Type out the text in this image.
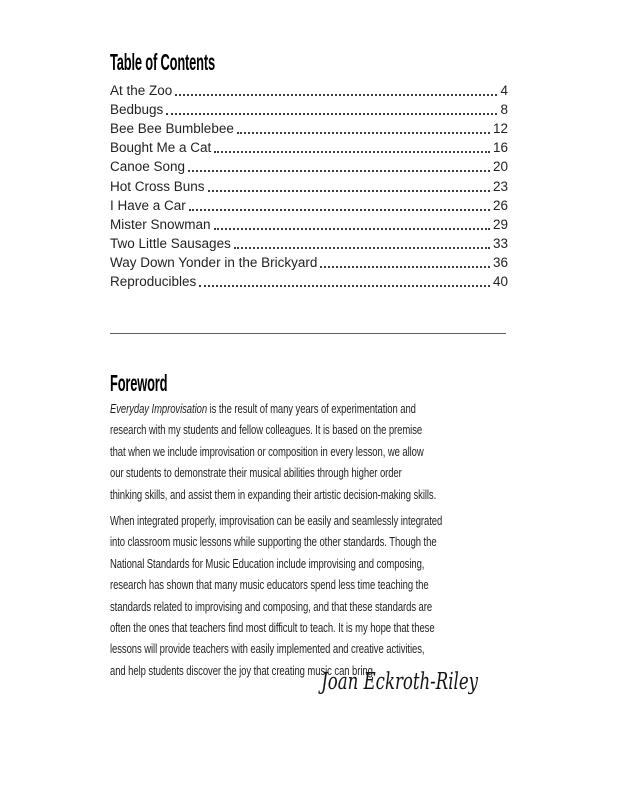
Table of Contents
At the Zoo	4
Bedbugs	8
Bee Bee Bumblebee	12
Bought Me a Cat	16
Canoe Song	20
Hot Cross Buns	23
I Have a Car	26
Mister Snowman	29
Two Little Sausages	33
Way Down Yonder in the Brickyard	36
Reproducibles	40
Foreword
Everyday Improvisation is the result of many years of experimentation and
research with my students and fellow colleagues. It is based on the premise
that when we include improvisation or composition in every lesson, we allow
our students to demonstrate their musical abilities through higher order
thinking skills, and assist them in expanding their artistic decision-making skills.
When integrated properly, improvisation can be easily and seamlessly integrated
into classroom music lessons while supporting the other standards. Though the
National Standards for Music Education include improvising and composing,
research has shown that many music educators spend less time teaching the
standards related to improvising and composing, and that these standards are
often the ones that teachers find most difficult to teach. It is my hope that these
lessons will provide teachers with easily implemented and creative activities,
and help students discover the joy that creating music can bring.
Joan Eckroth-Riley
